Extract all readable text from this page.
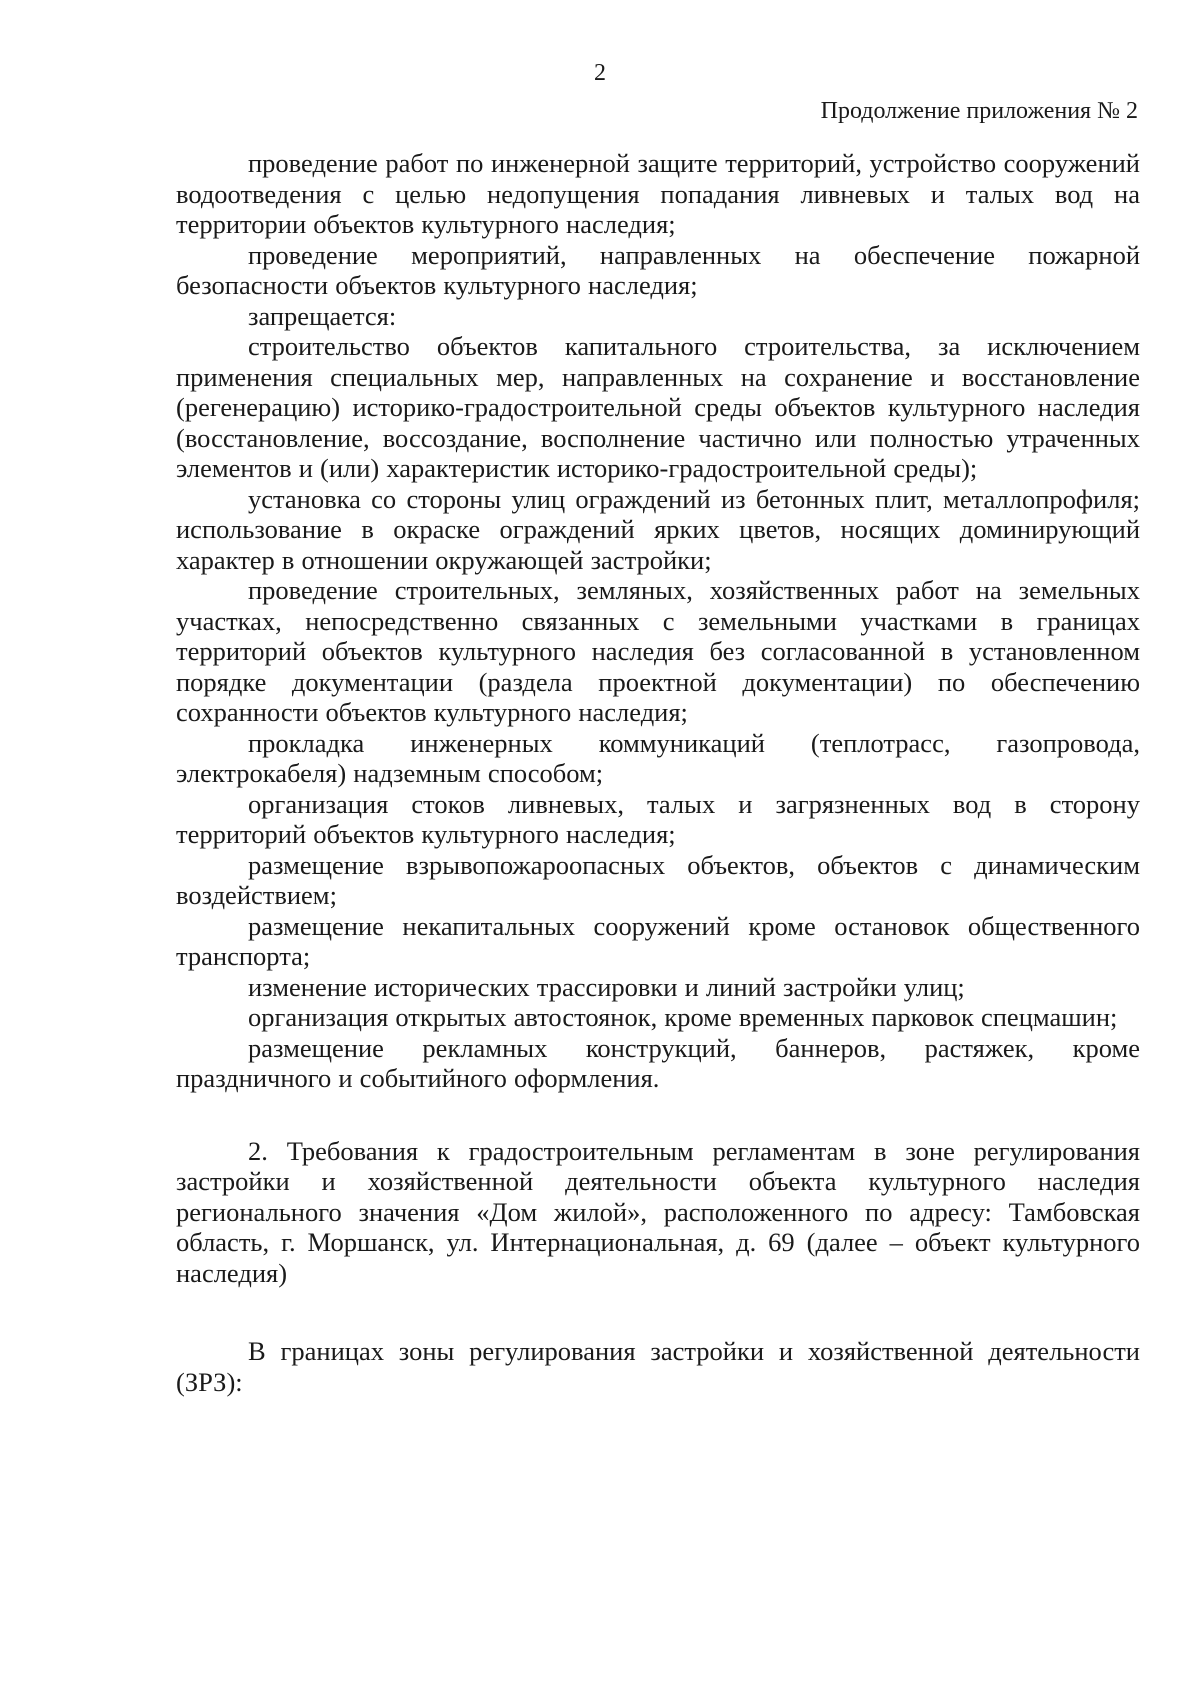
2
Продолжение приложения № 2

проведение работ по инженерной защите территорий, устройство сооружений водоотведения с целью недопущения попадания ливневых и талых вод на территории объектов культурного наследия;

проведение мероприятий, направленных на обеспечение пожарной безопасности объектов культурного наследия;

запрещается:

строительство объектов капитального строительства, за исключением применения специальных мер, направленных на сохранение и восстановление (регенерацию) историко-градостроительной среды объектов культурного наследия (восстановление, воссоздание, восполнение частично или полностью утраченных элементов и (или) характеристик историко-градостроительной среды);

установка со стороны улиц ограждений из бетонных плит, металлопрофиля; использование в окраске ограждений ярких цветов, носящих доминирующий характер в отношении окружающей застройки;

проведение строительных, земляных, хозяйственных работ на земельных участках, непосредственно связанных с земельными участками в границах территорий объектов культурного наследия без согласованной в установленном порядке документации (раздела проектной документации) по обеспечению сохранности объектов культурного наследия;

прокладка инженерных коммуникаций (теплотрасс, газопровода, электрокабеля) надземным способом;

организация стоков ливневых, талых и загрязненных вод в сторону территорий объектов культурного наследия;

размещение взрывопожароопасных объектов, объектов с динамическим воздействием;

размещение некапитальных сооружений кроме остановок общественного транспорта;

изменение исторических трассировки и линий застройки улиц;

организация открытых автостоянок, кроме временных парковок спецмашин;

размещение рекламных конструкций, баннеров, растяжек, кроме праздничного и событийного оформления.

2. Требования к градостроительным регламентам в зоне регулирования застройки и хозяйственной деятельности объекта культурного наследия регионального значения «Дом жилой», расположенного по адресу: Тамбовская область, г. Моршанск, ул. Интернациональная, д. 69 (далее – объект культурного наследия)

В границах зоны регулирования застройки и хозяйственной деятельности (ЗРЗ):
